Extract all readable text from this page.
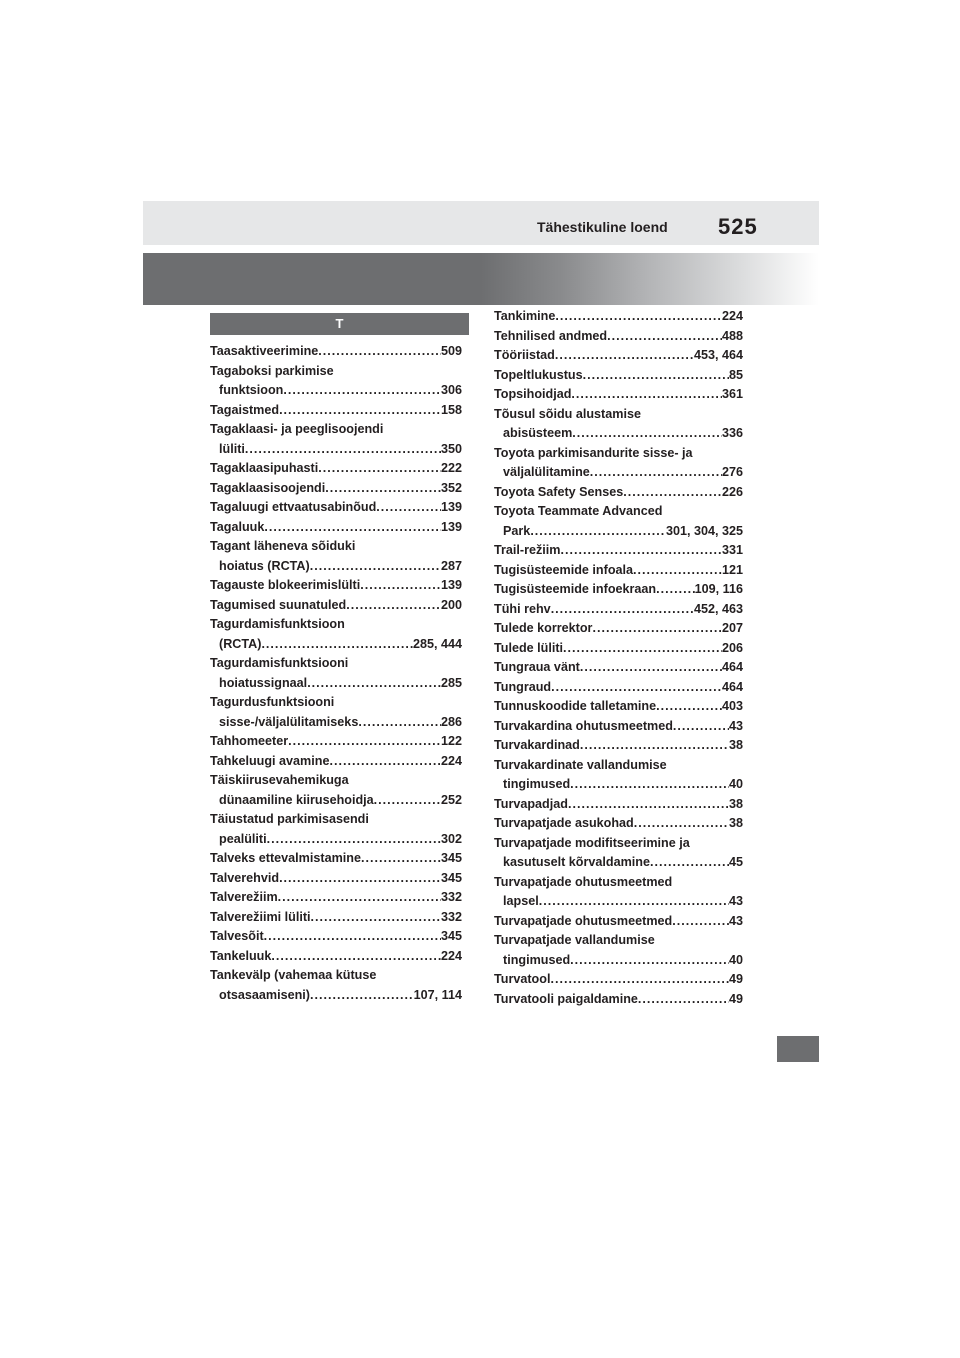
Tähestikuline loend 525
T
Taasaktiveerimine .....	509
Tagaboksi parkimise
funktsioon .....	306
Tagaistmed .....	158
Tagaklaasi- ja peeglisoojendi
lüliti .....	350
Tagaklaasipuhasti .....	222
Tagaklaasisoojendi .....	352
Tagaluugi ettvaatusabinõud .....	139
Tagaluuk .....	139
Tagant läheneva sõiduki
hoiatus (RCTA) .....	287
Tagauste blokeerimislülti .....	139
Tagumised suunatuled .....	200
Tagurdamisfunktsioon
(RCTA) .....	285, 444
Tagurdamisfunktsiooni
hoiatussignaal .....	285
Tagurdusfunktsiooni
sisse-/väljalülitamiseks .....	286
Tahhomeeter .....	122
Tahkeluugi avamine .....	224
Täiskiirusevahemikuga
dünaamiline kiirusehoidja .....	252
Täiustatud parkimisasendi
pealüliti .....	302
Talveks ettevalmistamine .....	345
Talverehvid .....	345
Talverežiim .....	332
Talverežiimi lüliti .....	332
Talvesõit .....	345
Tankeluuk .....	224
Tankevälp (vahemaa kütuse
otsasaamiseni) .....	107, 114
Tankimine .....	224
Tehnilised andmed .....	488
Tööriistad .....	453, 464
Topeltlukustus .....	85
Topsihoidjad .....	361
Tõusul sõidu alustamise
abisüsteem .....	336
Toyota parkimisandurite sisse- ja
väljalülitamine .....	276
Toyota Safety Senses .....	226
Toyota Teammate Advanced
Park .....	301, 304, 325
Trail-režiim .....	331
Tugisüsteemide infoala .....	121
Tugisüsteemide infoekraan .....	109, 116
Tühi rehv .....	452, 463
Tulede korrektor .....	207
Tulede lüliti .....	206
Tungraua vänt .....	464
Tungraud .....	464
Tunnuskoodide talletamine .....	403
Turvakardina ohutusmeetmed .....	43
Turvakardinad .....	38
Turvakardinate vallandumise
tingimused .....	40
Turvapadjad .....	38
Turvapatjade asukohad .....	38
Turvapatjade modifitseerimine ja
kasutuselt kõrvaldamine .....	45
Turvapatjade ohutusmeetmed
lapsel .....	43
Turvapatjade ohutusmeetmed .....	43
Turvapatjade vallandumise
tingimused .....	40
Turvatool .....	49
Turvatooli paigaldamine .....	49
